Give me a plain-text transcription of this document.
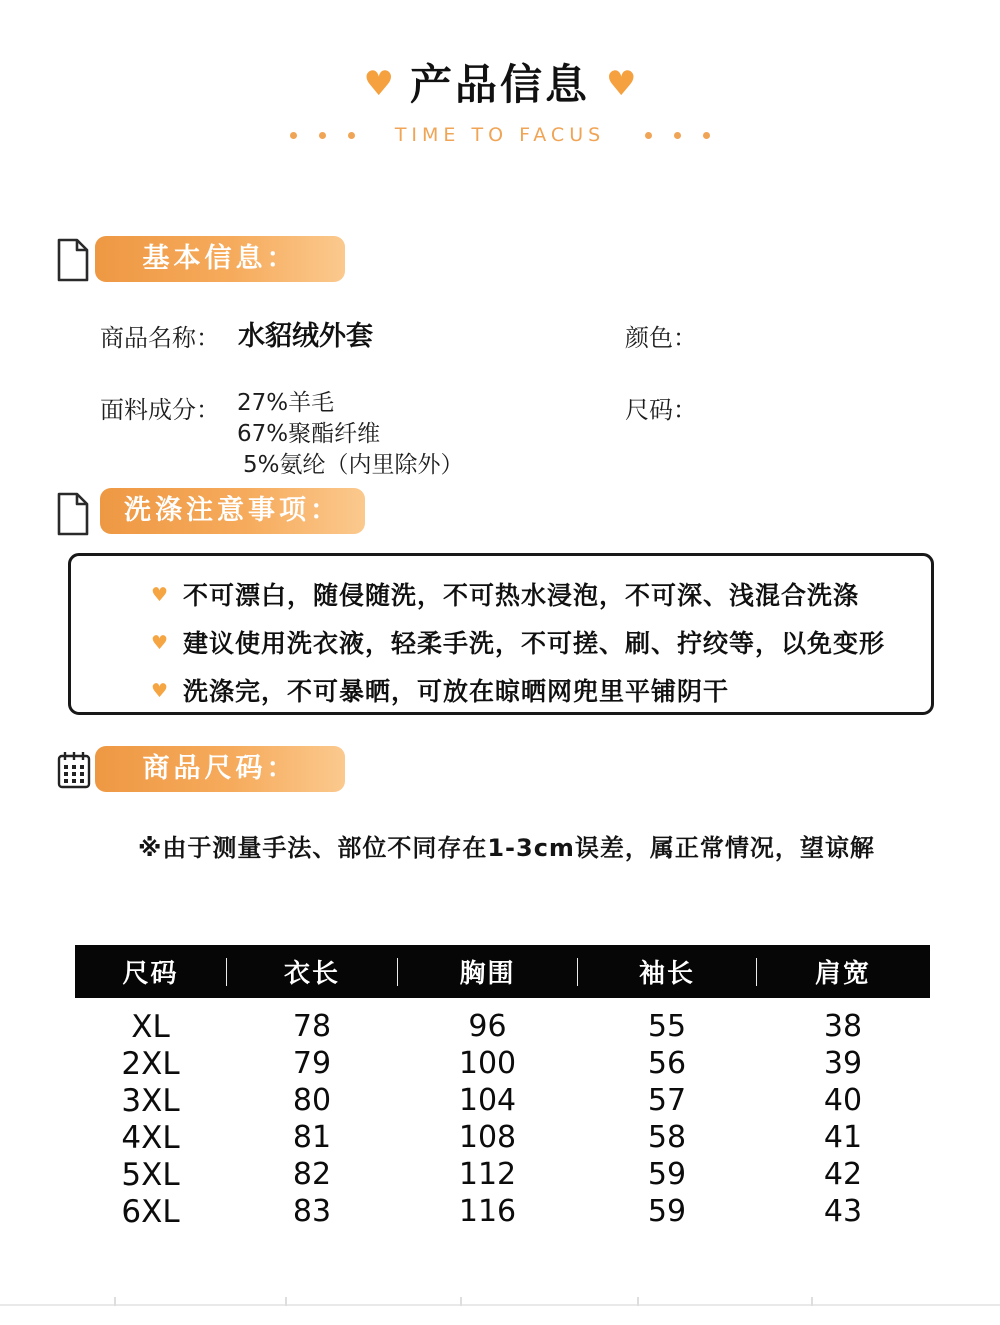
♥ 产品信息 ♥
TIME TO FACUS
基本信息：
商品名称： 水貂绒外套	颜色：
面料成分： 27%羊毛
67%聚酯纤维
5%氨纶（内里除外）
尺码：
洗涤注意事项：
♥ 不可漂白，随侵随洗，不可热水浸泡，不可深、浅混合洗涤
♥ 建议使用洗衣液，轻柔手洗，不可搓、刷、拧绞等，以免变形
♥ 洗涤完，不可暴晒，可放在晾晒网兜里平铺阴干
商品尺码：
※由于测量手法、部位不同存在1-3cm误差，属正常情况，望谅解
尺码	衣长	胸围	袖长	肩宽
XL	78	96	55	38
2XL	79	100	56	39
3XL	80	104	57	40
4XL	81	108	58	41
5XL	82	112	59	42
6XL	83	116	59	43
